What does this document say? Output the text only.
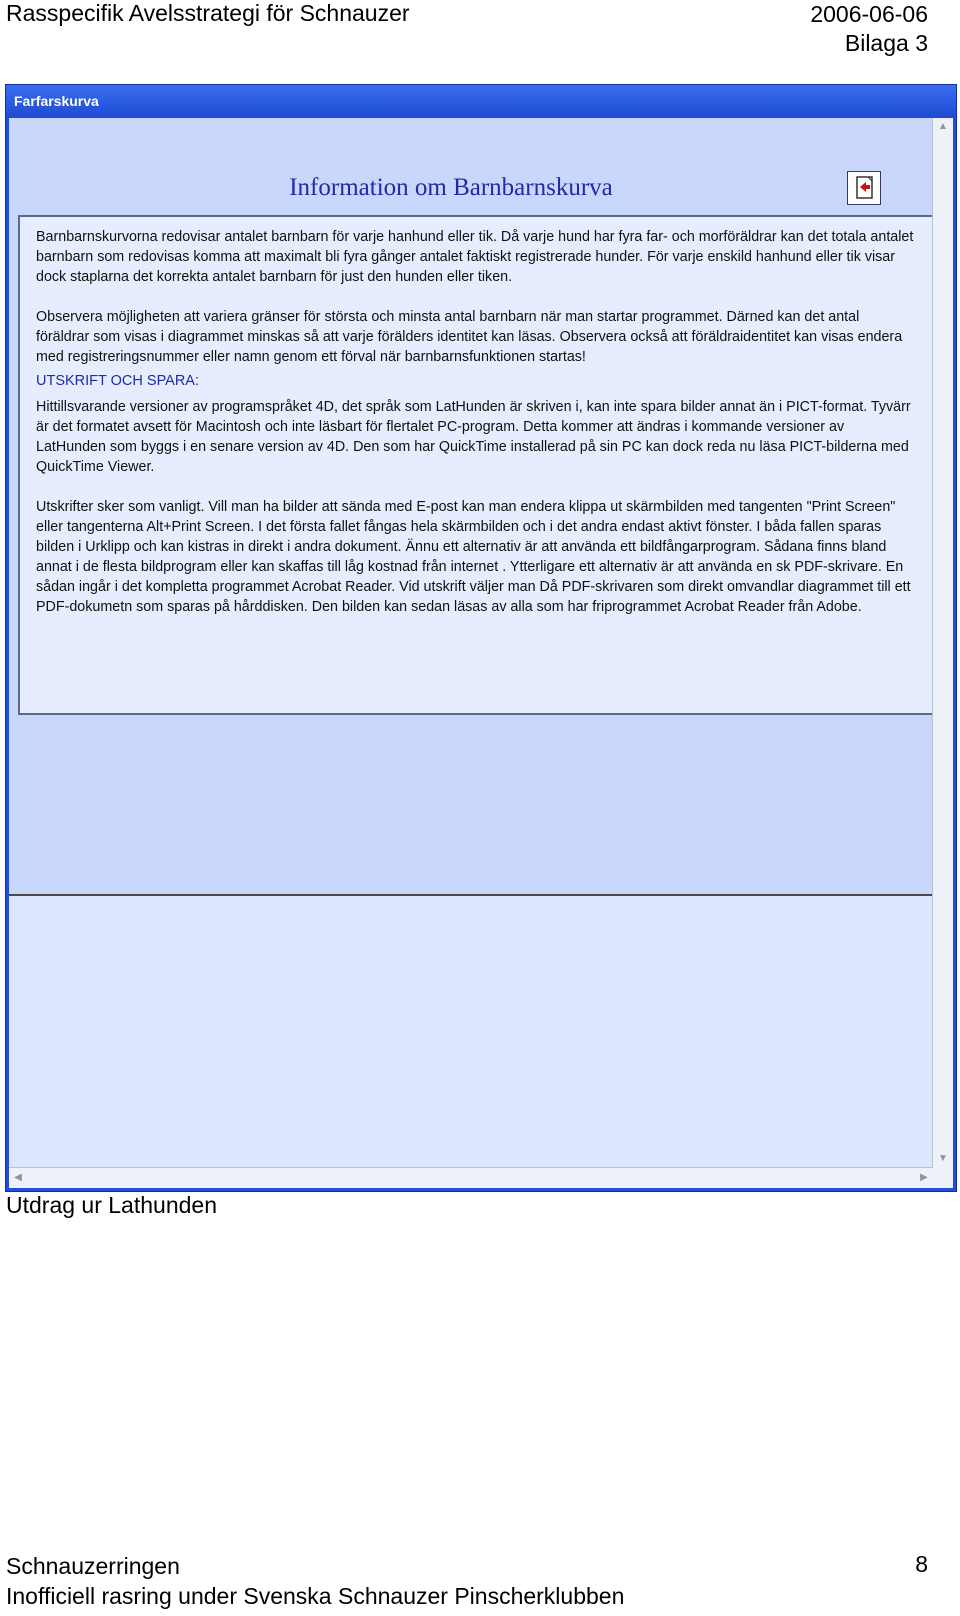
Rasspecifik Avelsstrategi för Schnauzer	2006-06-06
Bilaga 3
Farfarskurva
Information om Barnbarnskurva

Barnbarnskurvorna redovisar antalet barnbarn för varje hanhund eller tik. Då varje hund har fyra far- och morföräldrar kan det totala antalet barnbarn som redovisas komma att maximalt bli fyra gånger antalet faktiskt registrerade hunder. För varje enskild hanhund eller tik visar dock staplarna det korrekta antalet barnbarn för just den hunden eller tiken.

Observera möjligheten att variera gränser för största och minsta antal barnbarn när man startar programmet. Därned kan det antal föräldrar som visas i diagrammet minskas så att varje förälders identitet kan läsas. Observera också att föräldraidentitet kan visas endera med registreringsnummer eller namn genom ett förval när barnbarnsfunktionen startas!

UTSKRIFT OCH SPARA:

Hittillsvarande versioner av programspråket 4D, det språk som LatHunden är skriven i, kan inte spara bilder annat än i PICT-format. Tyvärr är det formatet avsett för Macintosh och inte läsbart för flertalet PC-program. Detta kommer att ändras i kommande versioner av LatHunden som byggs i en senare version av 4D. Den som har QuickTime installerad på sin PC kan dock reda nu läsa PICT-bilderna med QuickTime Viewer.

Utskrifter sker som vanligt. Vill man ha bilder att sända med E-post kan man endera klippa ut skärmbilden med tangenten "Print Screen" eller tangenterna Alt+Print Screen. I det första fallet fångas hela skärmbilden och i det andra endast aktivt fönster. I båda fallen sparas bilden i Urklipp och kan kistras in direkt i andra dokument. Ännu ett alternativ är att använda ett bildfångarprogram. Sådana finns bland annat i de flesta bildprogram eller kan skaffas till låg kostnad från internet . Ytterligare ett alternativ är att använda en sk PDF-skrivare. En sådan ingår i det kompletta programmet Acrobat Reader. Vid utskrift väljer man Då PDF-skrivaren som direkt omvandlar diagrammet till ett PDF-dokumetn som sparas på hårddisken. Den bilden kan sedan läsas av alla som har friprogrammet Acrobat Reader från Adobe.

▲
▼
◀	▶
Utdrag ur Lathunden
Schnauzerringen
Inofficiell rasring under Svenska Schnauzer Pinscherklubben
8
